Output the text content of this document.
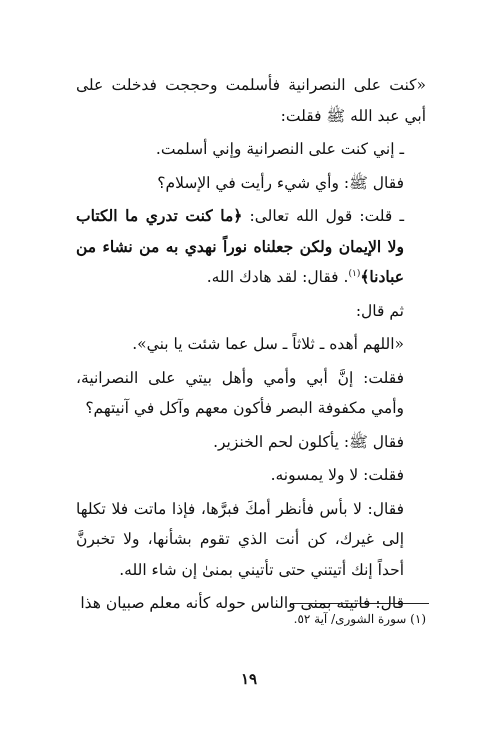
«كنت على النصرانية فأسلمت وحججت فدخلت على أبي عبد الله ﷺ فقلت:

ـ إني كنت على النصرانية وإني أسلمت.

فقال ﷺ: وأي شيء رأيت في الإسلام؟

ـ قلت: قول الله تعالى: ﴿ما كنت تدري ما الكتاب ولا الإيمان ولكن جعلناه نوراً نهدي به من نشاء من عبادنا﴾$^{(١)}$. فقال: لقد هادك الله.

ثم قال:

«اللهم أهده ـ ثلاثاً ـ سل عما شئت يا بني».

فقلت: إنَّ أبي وأمي وأهل بيتي على النصرانية، وأمي مكفوفة البصر فأكون معهم وآكل في آنيتهم؟

فقال ﷺ: يأكلون لحم الخنزير.

فقلت: لا ولا يمسونه.

فقال: لا بأس فأنظر أمكَ فبرَّها، فإذا ماتت فلا تكلها إلى غيرك، كن أنت الذي تقوم بشأنها، ولا تخبرنَّ أحداً إنك أتيتني حتى تأتيني بمنىٰ إن شاء الله.

قال: فاتيته بمنى والناس حوله كأنه معلم صبيان هذا

(١) سورة الشورى/ آية ٥٢.
١٩
